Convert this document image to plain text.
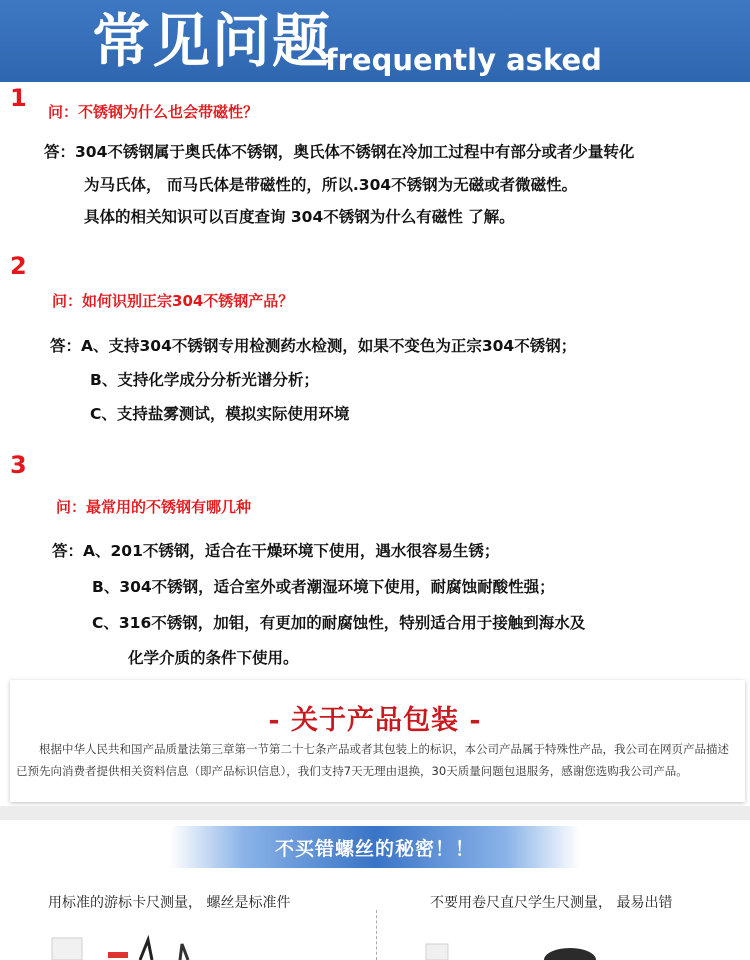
常见问题
frequently asked questions
1 问：不锈钢为什么也会带磁性？
答：304不锈钢属于奥氏体不锈钢，奥氏体不锈钢在冷加工过程中有部分或者少量转化
为马氏体， 而马氏体是带磁性的，所以.304不锈钢为无磁或者微磁性。
具体的相关知识可以百度查询 304不锈钢为什么有磁性 了解。
2
问：如何识别正宗304不锈钢产品？
答：A、支持304不锈钢专用检测药水检测，如果不变色为正宗304不锈钢；
B、支持化学成分分析光谱分析；
C、支持盐雾测试，模拟实际使用环境
3
问：最常用的不锈钢有哪几种
答：A、201不锈钢，适合在干燥环境下使用，遇水很容易生锈；
B、304不锈钢，适合室外或者潮湿环境下使用，耐腐蚀耐酸性强；
C、316不锈钢，加钼，有更加的耐腐蚀性，特别适合用于接触到海水及
化学介质的条件下使用。
- 关于产品包装 -
根据中华人民共和国产品质量法第三章第一节第二十七条产品或者其包装上的标识，本公司产品属于特殊性产品，我公司在网页产品描述已预先向消费者提供相关资料信息（即产品标识信息），我们支持7天无理由退换，30天质量问题包退服务，感谢您选购我公司产品。
不买错螺丝的秘密！！
用标准的游标卡尺测量， 螺丝是标准件	不要用卷尺直尺学生尺测量， 最易出错
